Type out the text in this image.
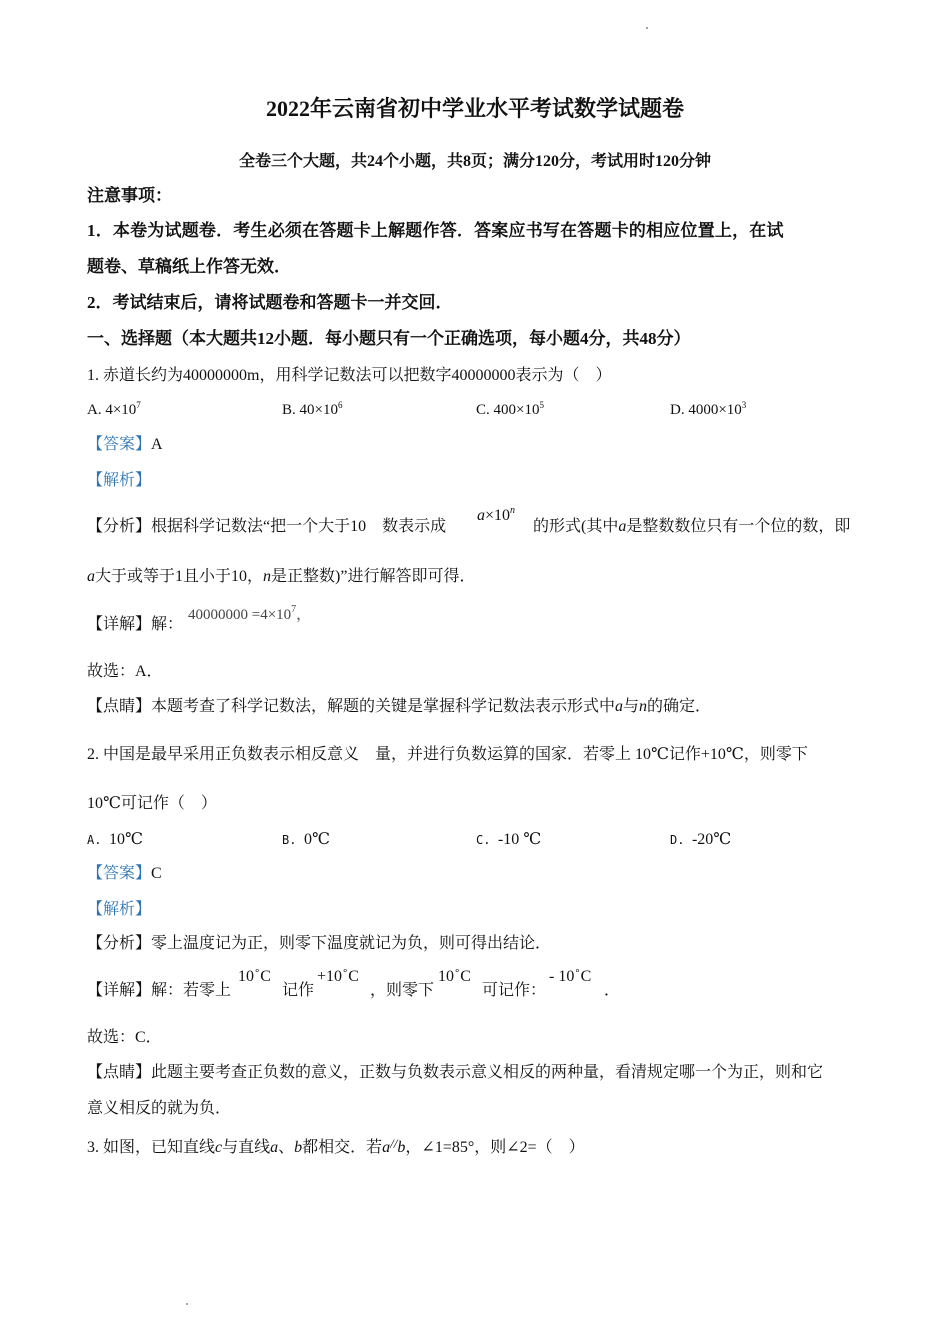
2022年云南省初中学业水平考试数学试题卷
全卷三个大题，共24个小题，共8页；满分120分，考试用时120分钟
注意事项：
1．本卷为试题卷．考生必须在答题卡上解题作答．答案应书写在答题卡的相应位置上，在试
题卷、草稿纸上作答无效．
2．考试结束后，请将试题卷和答题卡一并交回．
一、选择题（本大题共12小题．每小题只有一个正确选项，每小题4分，共48分）
1. 赤道长约为40000000m，用科学记数法可以把数字40000000表示为（　）
A. $4\times 10^7$	B. $40\times 10^6$	C. $400\times 10^5$	D. $4000\times 10^3$
【答案】A
【解析】
【分析】根据科学记数法“把一个大于10　数表示成
$a\times 10^n$
的形式(其中a是整数数位只有一个位的数，即
a大于或等于1且小于10，n是正整数)”进行解答即可得．
【详解】解：
$40000000 =4\times 10^7$，
故选：A．
【点睛】本题考查了科学记数法，解题的关键是掌握科学记数法表示形式中a与n的确定．
2. 中国是最早采用正负数表示相反意义　量，并进行负数运算的国家．若零上 10℃记作+10℃，则零下
10℃可记作（　）
A. 10℃	B. 0℃	C. -10 ℃	D. -20℃
【答案】C
【解析】
【分析】零上温度记为正，则零下温度就记为负，则可得出结论．
【详解】解：若零上
10∘C
记作
+10∘C
，则零下
10∘C
可记作：
- 10∘C
．
故选：C．
【点睛】此题主要考查正负数的意义，正数与负数表示意义相反的两种量，看清规定哪一个为正，则和它
意义相反的就为负．
3. 如图，已知直线c与直线a、b都相交．若a//b，∠1=85°，则∠2=（　）
